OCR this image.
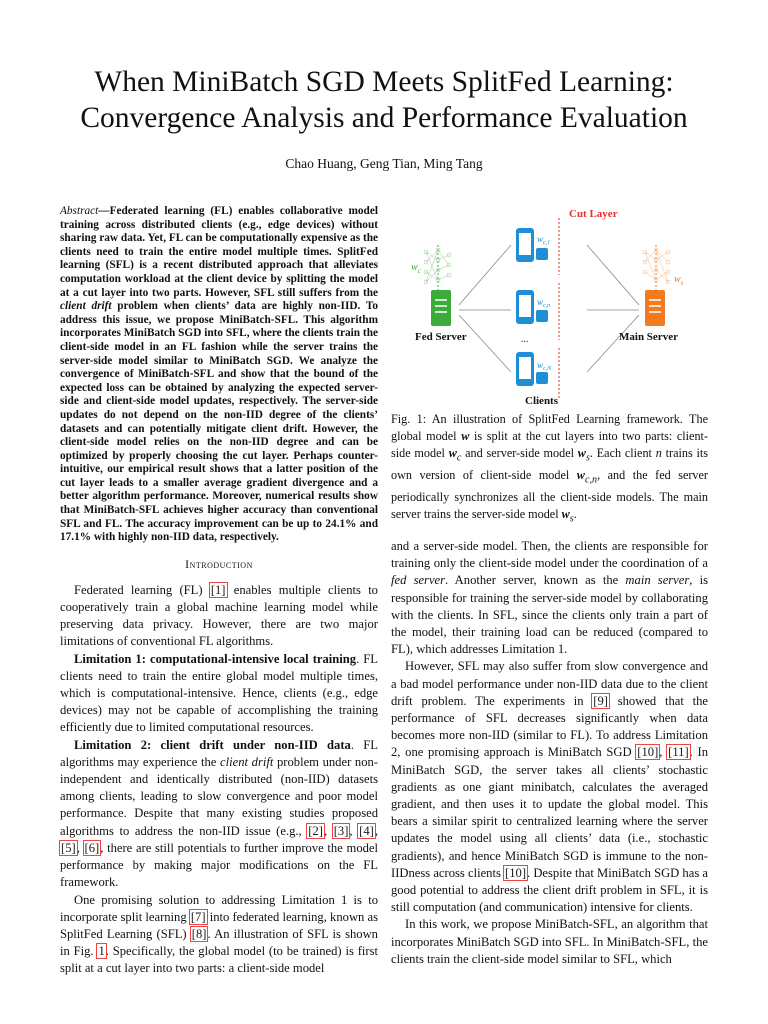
When MiniBatch SGD Meets SplitFed Learning:
Convergence Analysis and Performance Evaluation
Chao Huang, Geng Tian, Ming Tang

Abstract—Federated learning (FL) enables collaborative model training across distributed clients (e.g., edge devices) without sharing raw data. Yet, FL can be computationally expensive as the clients need to train the entire model multiple times. SplitFed learning (SFL) is a recent distributed approach that alleviates computation workload at the client device by splitting the model at a cut layer into two parts. However, SFL still suffers from the client drift problem when clients’ data are highly non-IID. To address this issue, we propose MiniBatch-SFL. This algorithm incorporates MiniBatch SGD into SFL, where the clients train the client-side model in an FL fashion while the server trains the server-side model similar to MiniBatch SGD. We analyze the convergence of MiniBatch-SFL and show that the bound of the expected loss can be obtained by analyzing the expected server-side and client-side model updates, respectively. The server-side updates do not depend on the non-IID degree of the clients’ datasets and can potentially mitigate client drift. However, the client-side model relies on the non-IID degree and can be optimized by properly choosing the cut layer. Perhaps counter-intuitive, our empirical result shows that a latter position of the cut layer leads to a smaller average gradient divergence and a better algorithm performance. Moreover, numerical results show that MiniBatch-SFL achieves higher accuracy than conventional SFL and FL. The accuracy improvement can be up to 24.1% and 17.1% with highly non-IID data, respectively.

Introduction

Federated learning (FL) [1] enables multiple clients to cooperatively train a global machine learning model while preserving data privacy. However, there are two major limitations of conventional FL algorithms.

Limitation 1: computational-intensive local training. FL clients need to train the entire global model multiple times, which is computational-intensive. Hence, clients (e.g., edge devices) may not be capable of accomplishing the training efficiently due to limited computational resources.

Limitation 2: client drift under non-IID data. FL algorithms may experience the client drift problem under non-independent and identically distributed (non-IID) datasets among clients, leading to slow convergence and poor model performance. Despite that many existing studies proposed algorithms to address the non-IID issue (e.g., [2], [3], [4], [5], [6], there are still potentials to further improve the model performance by making major modifications on the FL framework.

One promising solution to addressing Limitation 1 is to incorporate split learning [7] into federated learning, known as SplitFed Learning (SFL) [8]. An illustration of SFL is shown in Fig. 1. Specifically, the global model (to be trained) is first split at a cut layer into two parts: a client-side model

Cut Layer
$w_c$
$w_s$
Fed Server	Main Server
$w_{c,1}$
$w_{c,n}$
...
$w_{c,N}$
Clients
Fig. 1: An illustration of SplitFed Learning framework. The global model w is split at the cut layers into two parts: client-side model $w_c$ and server-side model $w_s$. Each client n trains its own version of client-side model $w_{c,n}$, and the fed server periodically synchronizes all the client-side models. The main server trains the server-side model $w_s$.

and a server-side model. Then, the clients are responsible for training only the client-side model under the coordination of a fed server. Another server, known as the main server, is responsible for training the server-side model by collaborating with the clients. In SFL, since the clients only train a part of the model, their training load can be reduced (compared to FL), which addresses Limitation 1.

However, SFL may also suffer from slow convergence and a bad model performance under non-IID data due to the client drift problem. The experiments in [9] showed that the performance of SFL decreases significantly when data becomes more non-IID (similar to FL). To address Limitation 2, one promising approach is MiniBatch SGD [10], [11]. In MiniBatch SGD, the server takes all clients’ stochastic gradients as one giant minibatch, calculates the averaged gradient, and then uses it to update the global model. This bears a similar spirit to centralized learning where the server updates the model using all clients’ data (i.e., stochastic gradients), and hence MiniBatch SGD is immune to the non-IIDness across clients [10]. Despite that MiniBatch SGD has a good potential to address the client drift problem in SFL, it is still computation (and communication) intensive for clients.

In this work, we propose MiniBatch-SFL, an algorithm that incorporates MiniBatch SGD into SFL. In MiniBatch-SFL, the clients train the client-side model similar to SFL, which
